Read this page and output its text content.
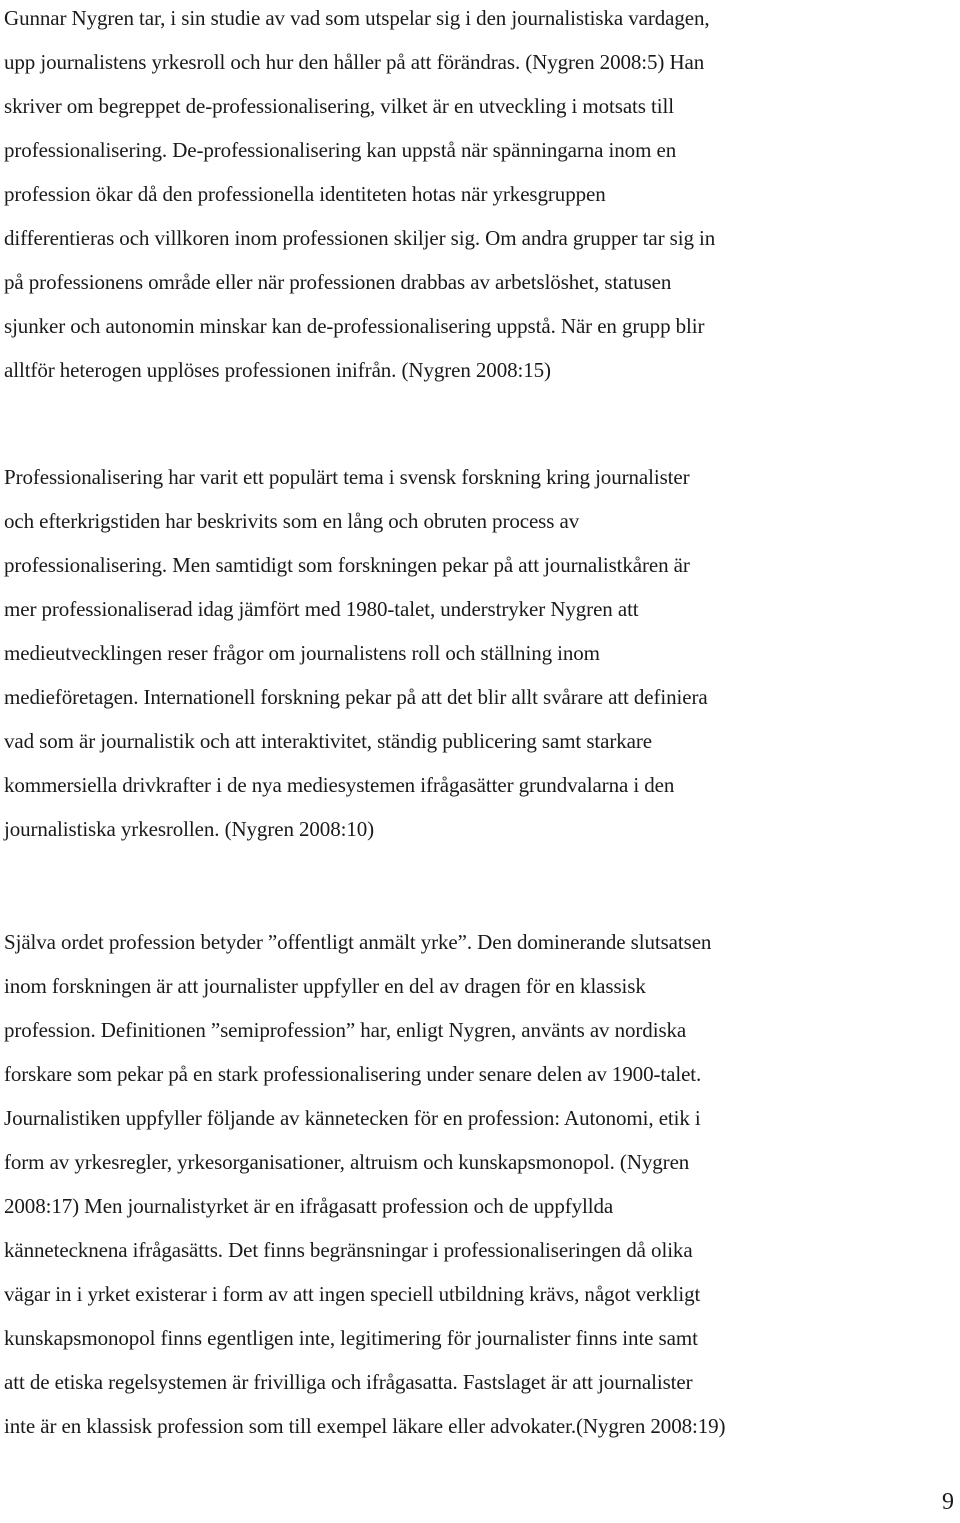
Gunnar Nygren tar, i sin studie av vad som utspelar sig i den journalistiska vardagen,
upp journalistens yrkesroll och hur den håller på att förändras. (Nygren 2008:5) Han
skriver om begreppet de-professionalisering, vilket är en utveckling i motsats till
professionalisering. De-professionalisering kan uppstå när spänningarna inom en
profession ökar då den professionella identiteten hotas när yrkesgruppen
differentieras och villkoren inom professionen skiljer sig. Om andra grupper tar sig in
på professionens område eller när professionen drabbas av arbetslöshet, statusen
sjunker och autonomin minskar kan de-professionalisering uppstå. När en grupp blir
alltför heterogen upplöses professionen inifrån. (Nygren 2008:15)
Professionalisering har varit ett populärt tema i svensk forskning kring journalister
och efterkrigstiden har beskrivits som en lång och obruten process av
professionalisering. Men samtidigt som forskningen pekar på att journalistkåren är
mer professionaliserad idag jämfört med 1980-talet, understryker Nygren att
medieutvecklingen reser frågor om journalistens roll och ställning inom
medieföretagen. Internationell forskning pekar på att det blir allt svårare att definiera
vad som är journalistik och att interaktivitet, ständig publicering samt starkare
kommersiella drivkrafter i de nya mediesystemen ifrågasätter grundvalarna i den
journalistiska yrkesrollen. (Nygren 2008:10)
Själva ordet profession betyder ”offentligt anmält yrke”. Den dominerande slutsatsen
inom forskningen är att journalister uppfyller en del av dragen för en klassisk
profession. Definitionen ”semiprofession” har, enligt Nygren, använts av nordiska
forskare som pekar på en stark professionalisering under senare delen av 1900-talet.
Journalistiken uppfyller följande av kännetecken för en profession: Autonomi, etik i
form av yrkesregler, yrkesorganisationer, altruism och kunskapsmonopol. (Nygren
2008:17) Men journalistyrket är en ifrågasatt profession och de uppfyllda
kännetecknena ifrågasätts. Det finns begränsningar i professionaliseringen då olika
vägar in i yrket existerar i form av att ingen speciell utbildning krävs, något verkligt
kunskapsmonopol finns egentligen inte, legitimering för journalister finns inte samt
att de etiska regelsystemen är frivilliga och ifrågasatta. Fastslaget är att journalister
inte är en klassisk profession som till exempel läkare eller advokater.(Nygren 2008:19)
9
